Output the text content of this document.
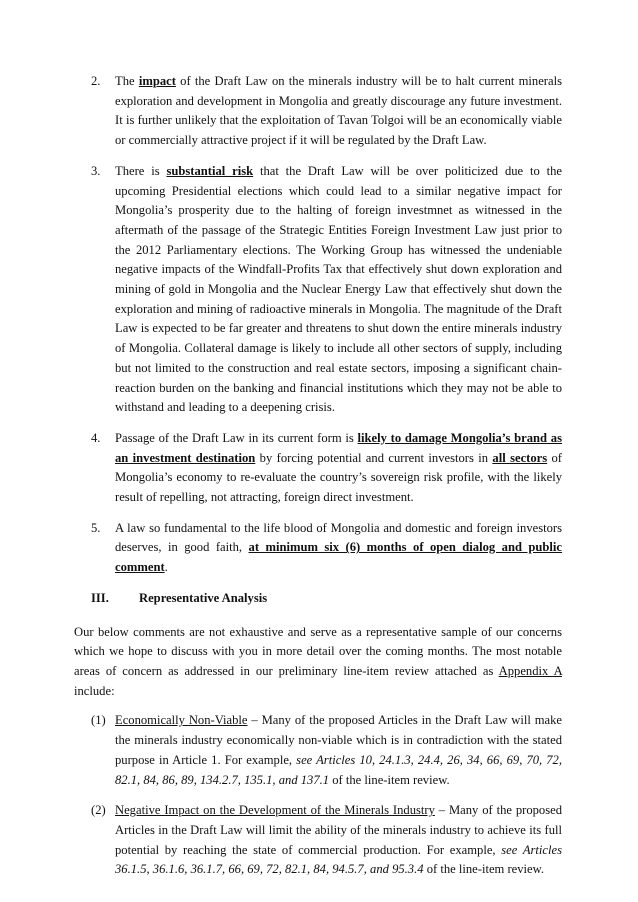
2. The impact of the Draft Law on the minerals industry will be to halt current minerals exploration and development in Mongolia and greatly discourage any future investment. It is further unlikely that the exploitation of Tavan Tolgoi will be an economically viable or commercially attractive project if it will be regulated by the Draft Law.

3. There is substantial risk that the Draft Law will be over politicized due to the upcoming Presidential elections which could lead to a similar negative impact for Mongolia’s prosperity due to the halting of foreign investmnet as witnessed in the aftermath of the passage of the Strategic Entities Foreign Investment Law just prior to the 2012 Parliamentary elections. The Working Group has witnessed the undeniable negative impacts of the Windfall-Profits Tax that effectively shut down exploration and mining of gold in Mongolia and the Nuclear Energy Law that effectively shut down the exploration and mining of radioactive minerals in Mongolia. The magnitude of the Draft Law is expected to be far greater and threatens to shut down the entire minerals industry of Mongolia. Collateral damage is likely to include all other sectors of supply, including but not limited to the construction and real estate sectors, imposing a significant chain-reaction burden on the banking and financial institutions which they may not be able to withstand and leading to a deepening crisis.

4. Passage of the Draft Law in its current form is likely to damage Mongolia’s brand as an investment destination by forcing potential and current investors in all sectors of Mongolia’s economy to re-evaluate the country’s sovereign risk profile, with the likely result of repelling, not attracting, foreign direct investment.

5. A law so fundamental to the life blood of Mongolia and domestic and foreign investors deserves, in good faith, at minimum six (6) months of open dialog and public comment.

III. Representative Analysis

Our below comments are not exhaustive and serve as a representative sample of our concerns which we hope to discuss with you in more detail over the coming months. The most notable areas of concern as addressed in our preliminary line-item review attached as Appendix A include:

(1) Economically Non-Viable – Many of the proposed Articles in the Draft Law will make the minerals industry economically non-viable which is in contradiction with the stated purpose in Article 1. For example, see Articles 10, 24.1.3, 24.4, 26, 34, 66, 69, 70, 72, 82.1, 84, 86, 89, 134.2.7, 135.1, and 137.1 of the line-item review.

(2) Negative Impact on the Development of the Minerals Industry – Many of the proposed Articles in the Draft Law will limit the ability of the minerals industry to achieve its full potential by reaching the state of commercial production. For example, see Articles 36.1.5, 36.1.6, 36.1.7, 66, 69, 72, 82.1, 84, 94.5.7, and 95.3.4 of the line-item review.
